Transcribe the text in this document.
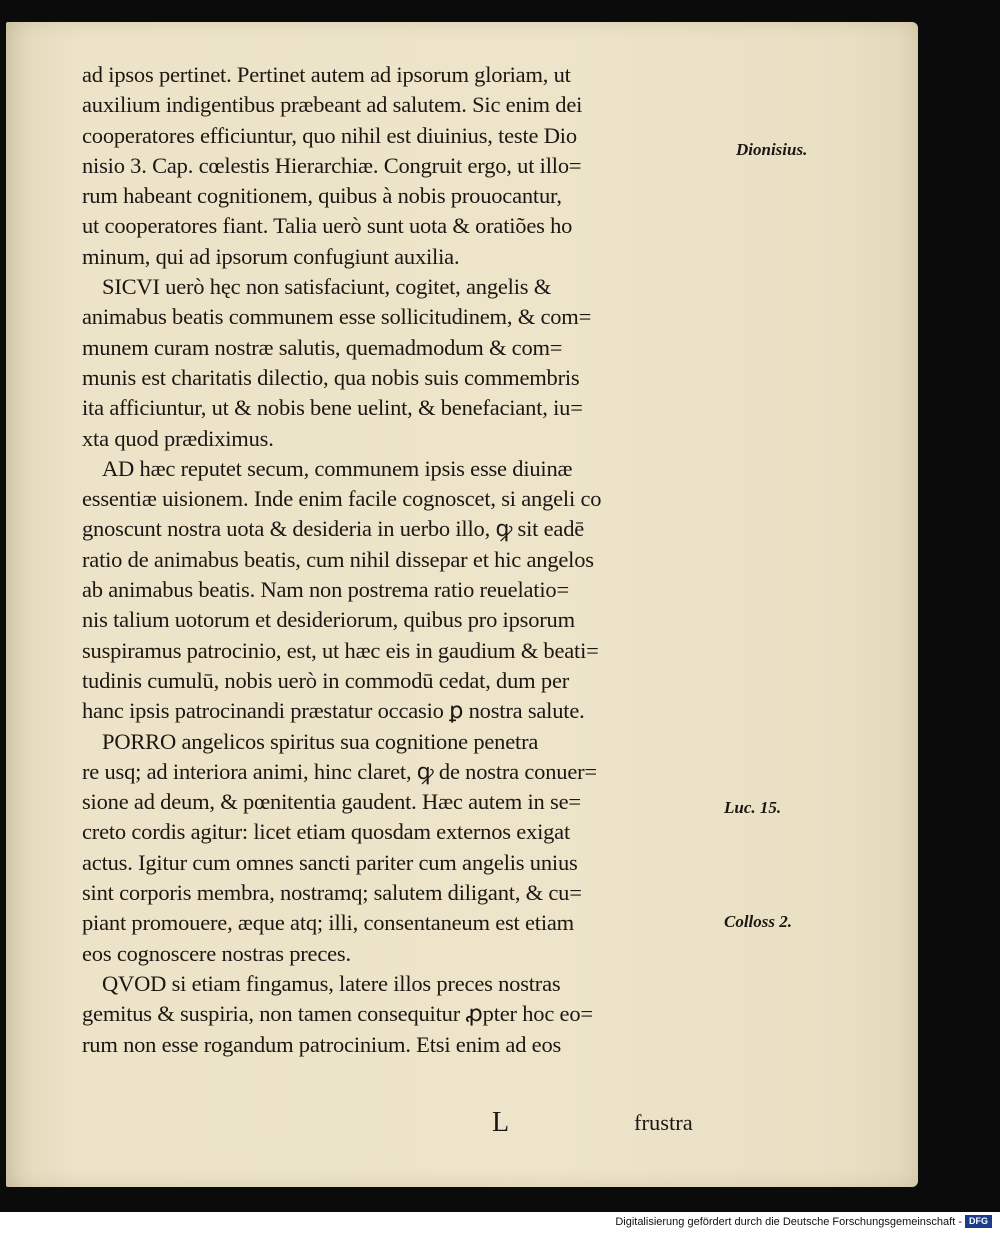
ad ipsos pertinet. Pertinet autem ad ipsorum gloriam, ut
auxilium indigentibus præbeant ad salutem. Sic enim dei
cooperatores efficiuntur, quo nihil est diuinius, teste Dio
nisio 3. Cap. cœlestis Hierarchiæ. Congruit ergo, ut illo=
rum habeant cognitionem, quibus à nobis prouocantur,
ut cooperatores fiant. Talia uerò sunt uota & oratiões ho
minum, qui ad ipsorum confugiunt auxilia.
SICVI uerò hęc non satisfaciunt, cogitet, angelis &
animabus beatis communem esse sollicitudinem, & com=
munem curam nostræ salutis, quemadmodum & com=
munis est charitatis dilectio, qua nobis suis commembris
ita afficiuntur, ut & nobis bene uelint, & benefaciant, iu=
xta quod prædiximus.
AD hæc reputet secum, communem ipsis esse diuinæ
essentiæ uisionem. Inde enim facile cognoscet, si angeli co
gnoscunt nostra uota & desideria in uerbo illo, ꝙ sit eadē
ratio de animabus beatis, cum nihil dissepar et hic angelos
ab animabus beatis. Nam non postrema ratio reuelatio=
nis talium uotorum et desideriorum, quibus pro ipsorum
suspiramus patrocinio, est, ut hæc eis in gaudium & beati=
tudinis cumulū, nobis uerò in commodū cedat, dum per
hanc ipsis patrocinandi præstatur occasio ꝑ nostra salute.
PORRO angelicos spiritus sua cognitione penetra
re usq; ad interiora animi, hinc claret, ꝙ de nostra conuer=
sione ad deum, & pœnitentia gaudent. Hæc autem in se=
creto cordis agitur: licet etiam quosdam externos exigat
actus. Igitur cum omnes sancti pariter cum angelis unius
sint corporis membra, nostramq; salutem diligant, & cu=
piant promouere, æque atq; illi, consentaneum est etiam
eos cognoscere nostras preces.
QVOD si etiam fingamus, latere illos preces nostras
gemitus & suspiria, non tamen consequitur ꝓpter hoc eo=
rum non esse rogandum patrocinium. Etsi enim ad eos
Dionisius.
Luc. 15.
Colloss 2.
L	frustra
Digitalisierung gefördert durch die Deutsche Forschungsgemeinschaft - DFG
